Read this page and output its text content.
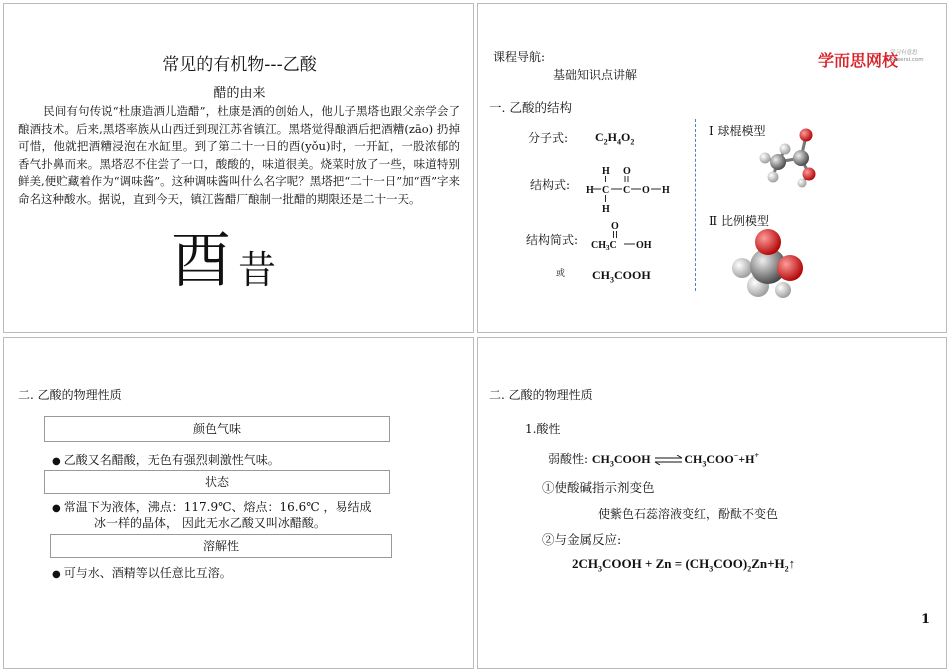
常见的有机物---乙酸
醋的由来
民间有句传说“杜康造酒儿造醋”，杜康是酒的创始人，他儿子黑塔也跟父亲学会了酿酒技术。后来,黑塔率族从山西迁到现江苏省镇江。黑塔觉得酿酒后把酒糟(zāo) 扔掉可惜，他就把酒糟浸泡在水缸里。到了第二十一日的酉(yǒu)时，一开缸，一股浓郁的香气扑鼻而来。黑塔忍不住尝了一口，酸酸的，味道很美。烧菜时放了一些，味道特别鲜美,便贮藏着作为“调味酱”。这种调味酱叫什么名字呢？黑塔把“二十一日”加“酉”字来命名这种酸水。据说，直到今天，镇江酱醋厂酿制一批醋的期限还是二十一天。
酉 昔
课程导航:
基础知识点讲解
学而思网校
学习有意思
xueersi.com
一. 乙酸的结构
分子式: $C_2H_4O_2$
结构式:
H
H C C O H
H
O
结构简式:
O
$CH_3C$ OH
或 $CH_3COOH$
Ⅰ 球棍模型
Ⅱ 比例模型
二. 乙酸的物理性质
颜色气味
● 乙酸又名醋酸，无色有强烈刺激性气味。
状态
● 常温下为液体，沸点：117.9℃、熔点：16.6℃ ，易结成
冰一样的晶体， 因此无水乙酸又叫冰醋酸。
溶解性
● 可与水、酒精等以任意比互溶。
二. 乙酸的物理性质
1.酸性
弱酸性: $CH_3COOH$ $\rightleftharpoons CH_3COO^-+H^+$
①使酸碱指示剂变色
使紫色石蕊溶液变红，酚酞不变色
②与金属反应:
$2CH_3COOH + Zn$ = $(CH_3COO)_2Zn+H_2↑$
1
